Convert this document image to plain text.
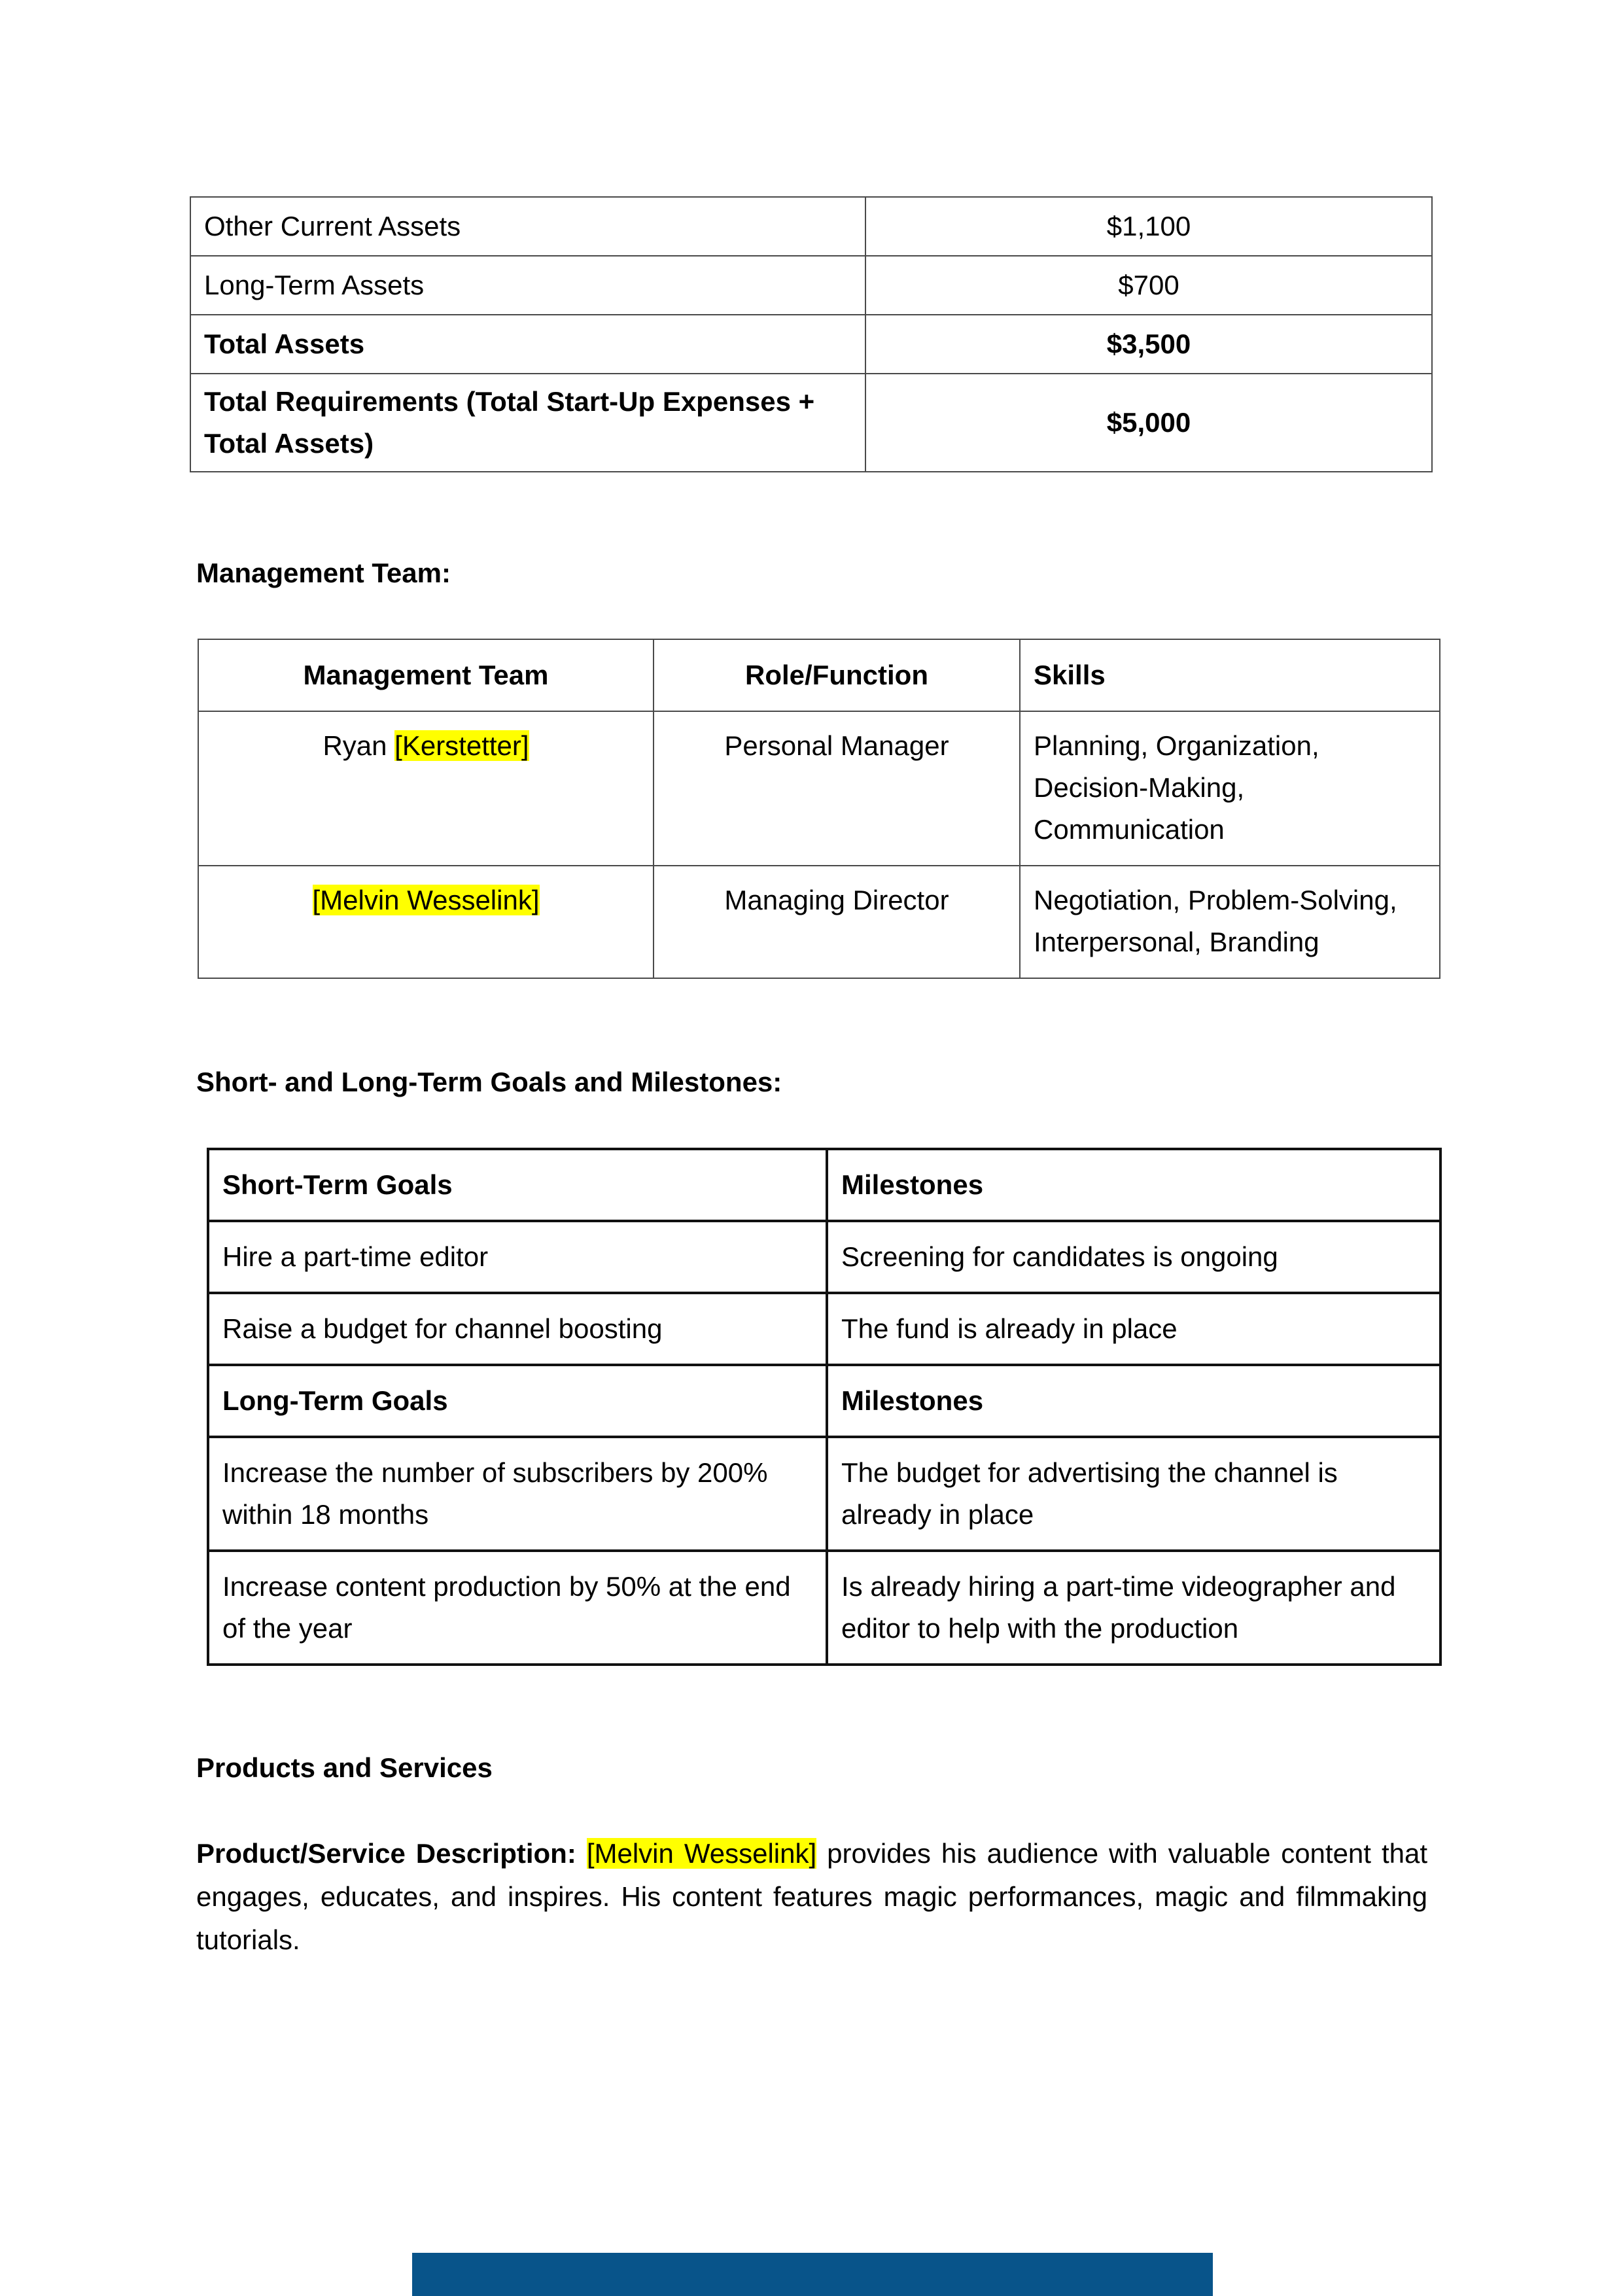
Other Current Assets	$1,100
Long-Term Assets	$700
Total Assets	$3,500
Total Requirements (Total Start-Up Expenses + Total Assets)	$5,000

Management Team:

Management Team	Role/Function	Skills
Ryan [Kerstetter]	Personal Manager	Planning, Organization, Decision-Making, Communication
[Melvin Wesselink]	Managing Director	Negotiation, Problem-Solving, Interpersonal, Branding

Short- and Long-Term Goals and Milestones:

Short-Term Goals	Milestones
Hire a part-time editor	Screening for candidates is ongoing
Raise a budget for channel boosting	The fund is already in place
Long-Term Goals	Milestones
Increase the number of subscribers by 200% within 18 months	The budget for advertising the channel is already in place
Increase content production by 50% at the end of the year	Is already hiring a part-time videographer and editor to help with the production

Products and Services

Product/Service Description: [Melvin Wesselink] provides his audience with valuable content that engages, educates, and inspires. His content features magic performances, magic and filmmaking tutorials.
